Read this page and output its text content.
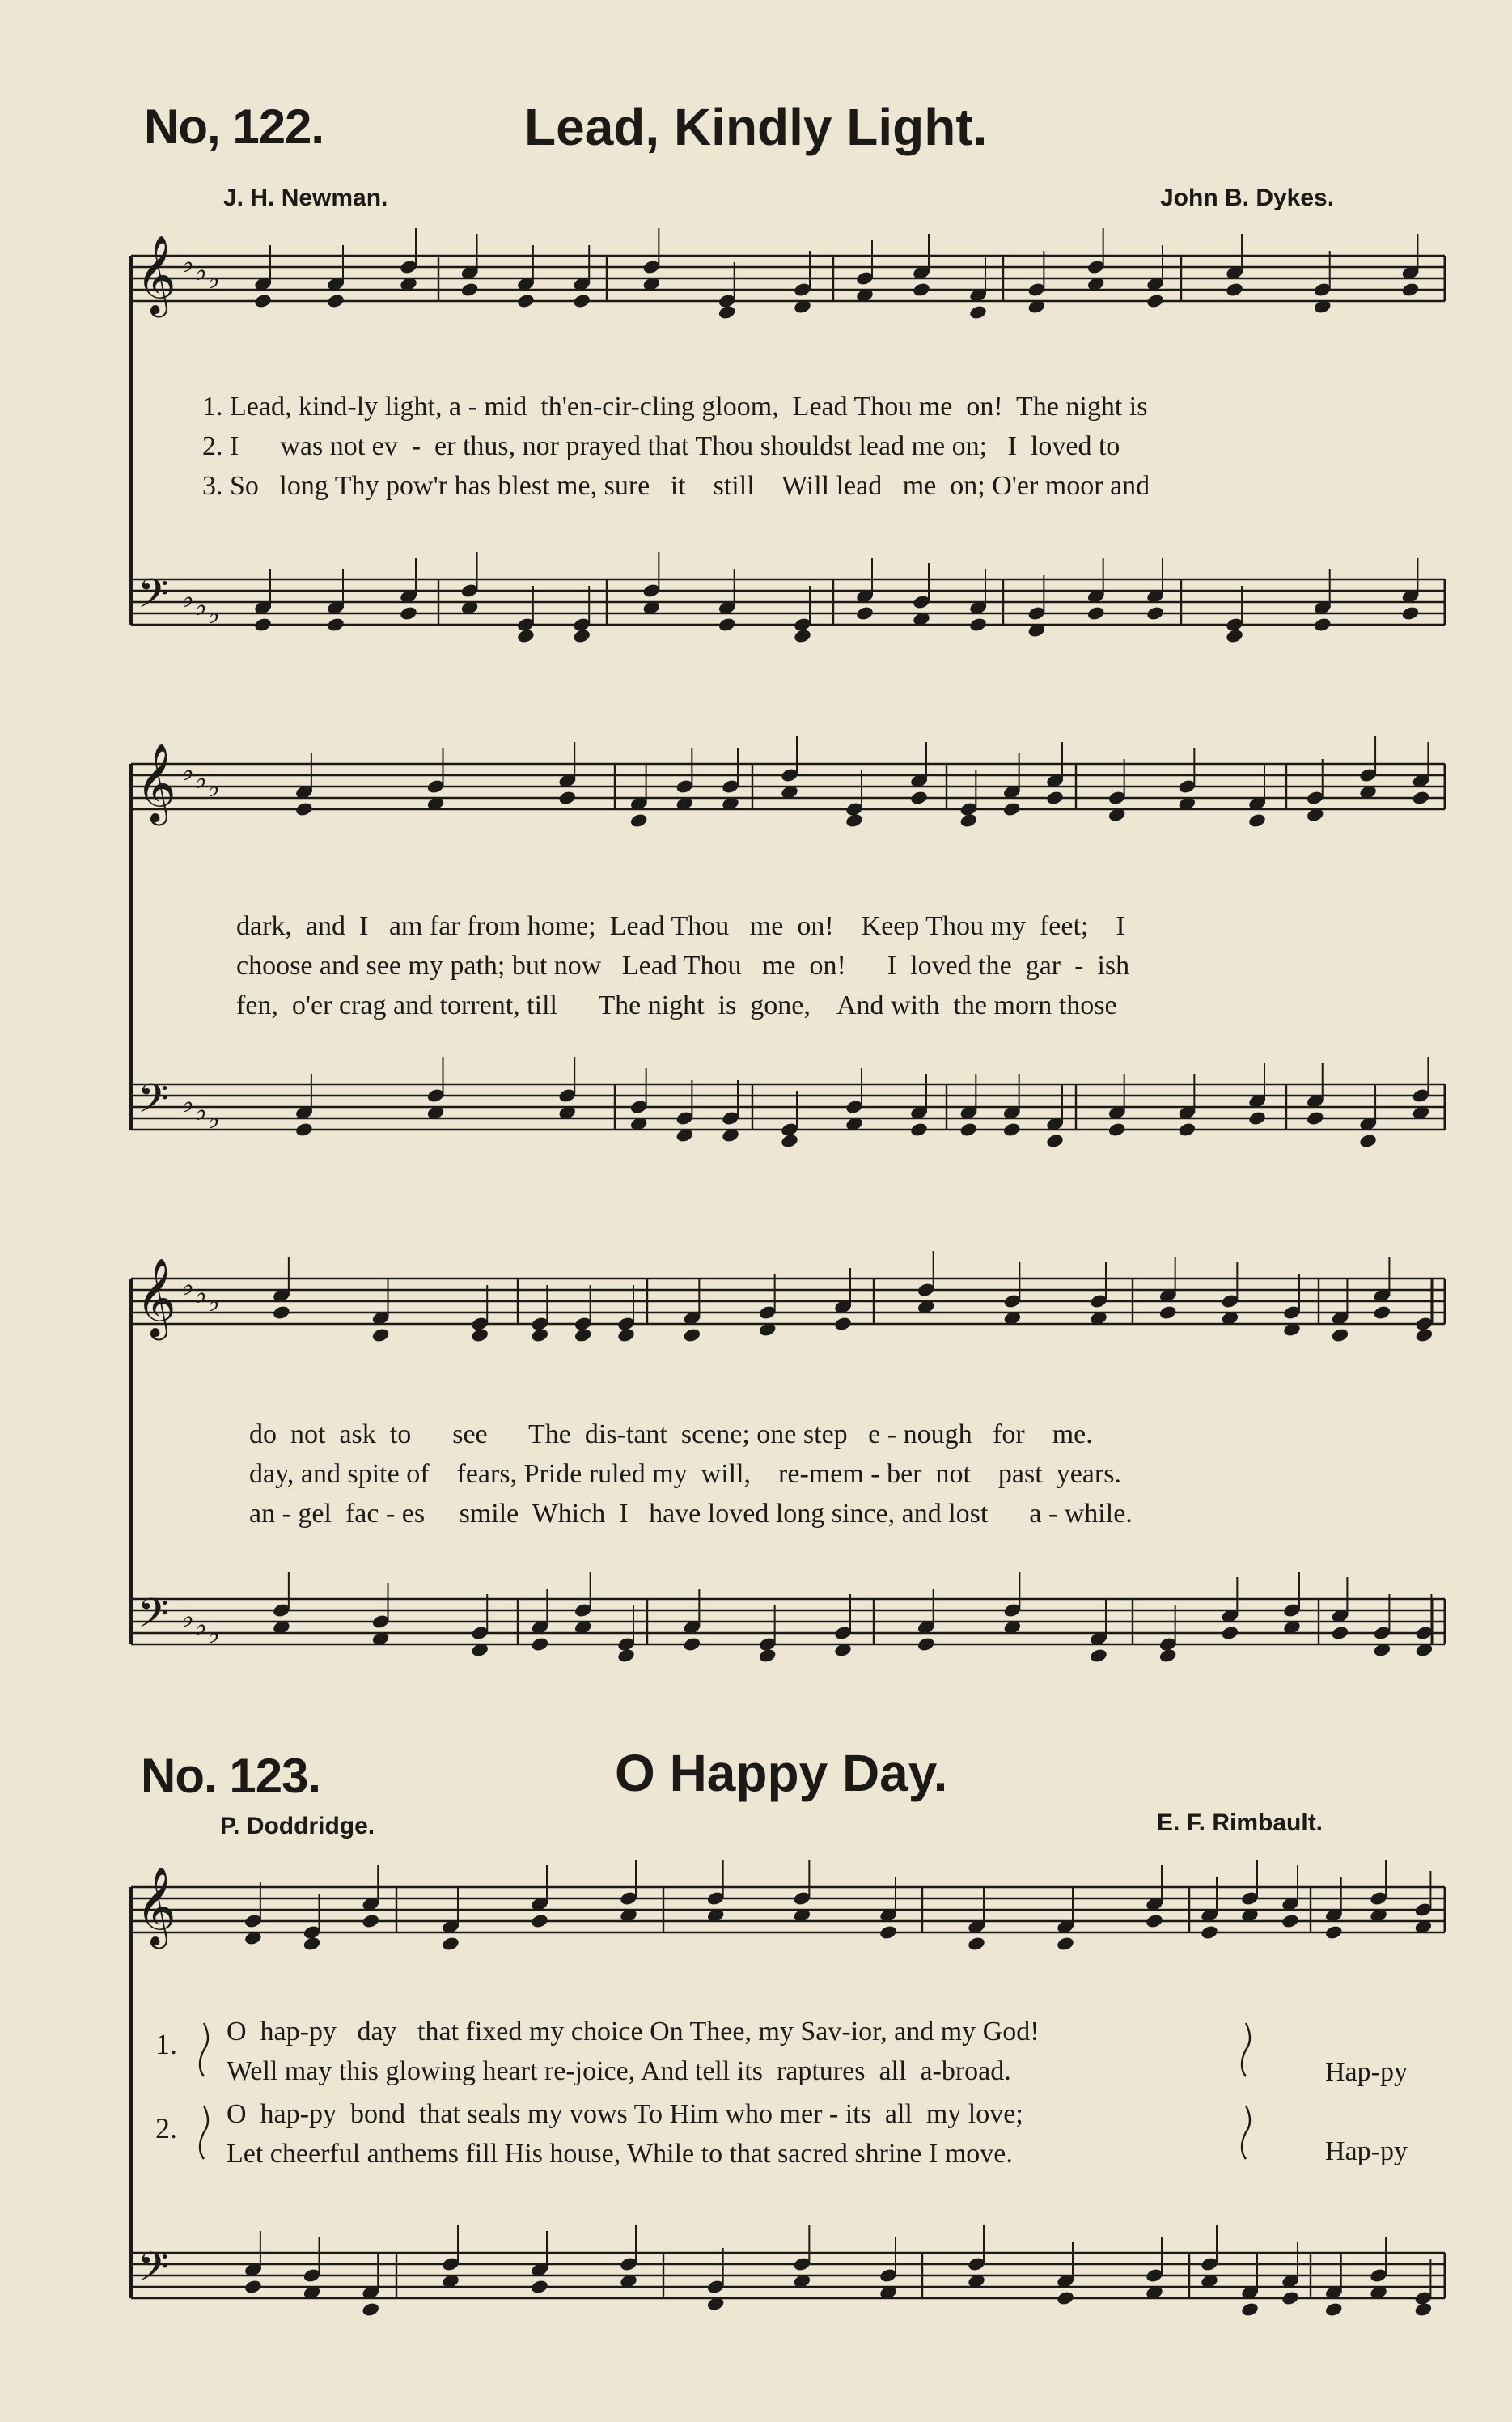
𝄞
𝄢
♭
♭
♭
♭
♭
♭
𝄞
𝄢
♭
♭
♭
♭
♭
♭
𝄞
𝄢
♭
♭
♭
♭
♭
♭
𝄞
𝄢
No, 122.	Lead, Kindly Light.
J. H. Newman.	John B. Dykes.
1. Lead, kind-ly light, a - mid  th'en-cir-cling gloom,  Lead Thou me  on!  The night is
2. I      was not ev  -  er thus, nor prayed that Thou shouldst lead me on;   I  loved to
3. So   long Thy pow'r has blest me, sure   it    still    Will lead   me  on; O'er moor and
dark,  and  I   am far from home;  Lead Thou   me  on!    Keep Thou my  feet;    I
choose and see my path; but now   Lead Thou   me  on!      I  loved the  gar  -  ish
fen,  o'er crag and torrent, till      The night  is  gone,    And with  the morn those
do  not  ask  to      see      The  dis-tant  scene; one step   e - nough   for    me.
day, and spite of    fears, Pride ruled my  will,    re-mem - ber  not    past  years.
an - gel  fac - es     smile  Which  I   have loved long since, and lost      a - while.
No. 123.	O Happy Day.
P. Doddridge.	E. F. Rimbault.
1.
2.
O  hap-py   day   that fixed my choice On Thee, my Sav-ior, and my God!
Well may this glowing heart re-joice, And tell its  raptures  all  a-broad.
O  hap-py  bond  that seals my vows To Him who mer - its  all  my love;
Let cheerful anthems fill His house, While to that sacred shrine I move.
Hap-py
Hap-py
